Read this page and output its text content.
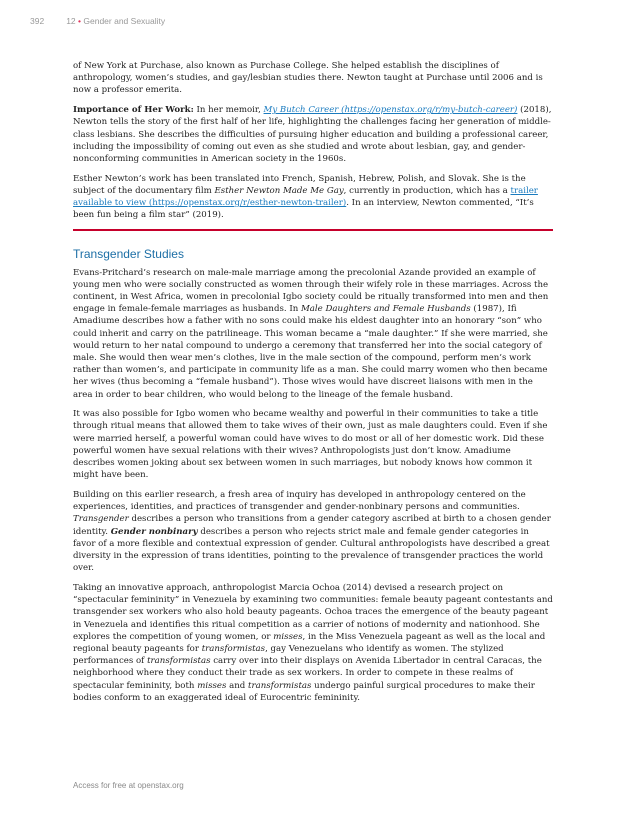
392	12 • Gender and Sexuality

of New York at Purchase, also known as Purchase College. She helped establish the disciplines of anthropology, women’s studies, and gay/lesbian studies there. Newton taught at Purchase until 2006 and is now a professor emerita.

Importance of Her Work: In her memoir, My Butch Career (https://openstax.org/r/my-butch-career) (2018), Newton tells the story of the first half of her life, highlighting the challenges facing her generation of middle-class lesbians. She describes the difficulties of pursuing higher education and building a professional career, including the impossibility of coming out even as she studied and wrote about lesbian, gay, and gender-nonconforming communities in American society in the 1960s.

Esther Newton’s work has been translated into French, Spanish, Hebrew, Polish, and Slovak. She is the subject of the documentary film Esther Newton Made Me Gay, currently in production, which has a trailer available to view (https://openstax.org/r/esther-newton-trailer). In an interview, Newton commented, “It’s been fun being a film star” (2019).

Transgender Studies

Evans-Pritchard’s research on male-male marriage among the precolonial Azande provided an example of young men who were socially constructed as women through their wifely role in these marriages. Across the continent, in West Africa, women in precolonial Igbo society could be ritually transformed into men and then engage in female-female marriages as husbands. In Male Daughters and Female Husbands (1987), Ifi Amadiume describes how a father with no sons could make his eldest daughter into an honorary “son” who could inherit and carry on the patrilineage. This woman became a “male daughter.” If she were married, she would return to her natal compound to undergo a ceremony that transferred her into the social category of male. She would then wear men’s clothes, live in the male section of the compound, perform men’s work rather than women’s, and participate in community life as a man. She could marry women who then became her wives (thus becoming a “female husband”). Those wives would have discreet liaisons with men in the area in order to bear children, who would belong to the lineage of the female husband.

It was also possible for Igbo women who became wealthy and powerful in their communities to take a title through ritual means that allowed them to take wives of their own, just as male daughters could. Even if she were married herself, a powerful woman could have wives to do most or all of her domestic work. Did these powerful women have sexual relations with their wives? Anthropologists just don’t know. Amadiume describes women joking about sex between women in such marriages, but nobody knows how common it might have been.

Building on this earlier research, a fresh area of inquiry has developed in anthropology centered on the experiences, identities, and practices of transgender and gender-nonbinary persons and communities. Transgender describes a person who transitions from a gender category ascribed at birth to a chosen gender identity. Gender nonbinary describes a person who rejects strict male and female gender categories in favor of a more flexible and contextual expression of gender. Cultural anthropologists have described a great diversity in the expression of trans identities, pointing to the prevalence of transgender practices the world over.

Taking an innovative approach, anthropologist Marcia Ochoa (2014) devised a research project on “spectacular femininity” in Venezuela by examining two communities: female beauty pageant contestants and transgender sex workers who also hold beauty pageants. Ochoa traces the emergence of the beauty pageant in Venezuela and identifies this ritual competition as a carrier of notions of modernity and nationhood. She explores the competition of young women, or misses, in the Miss Venezuela pageant as well as the local and regional beauty pageants for transformistas, gay Venezuelans who identify as women. The stylized performances of transformistas carry over into their displays on Avenida Libertador in central Caracas, the neighborhood where they conduct their trade as sex workers. In order to compete in these realms of spectacular femininity, both misses and transformistas undergo painful surgical procedures to make their bodies conform to an exaggerated ideal of Eurocentric femininity.

Access for free at openstax.org
